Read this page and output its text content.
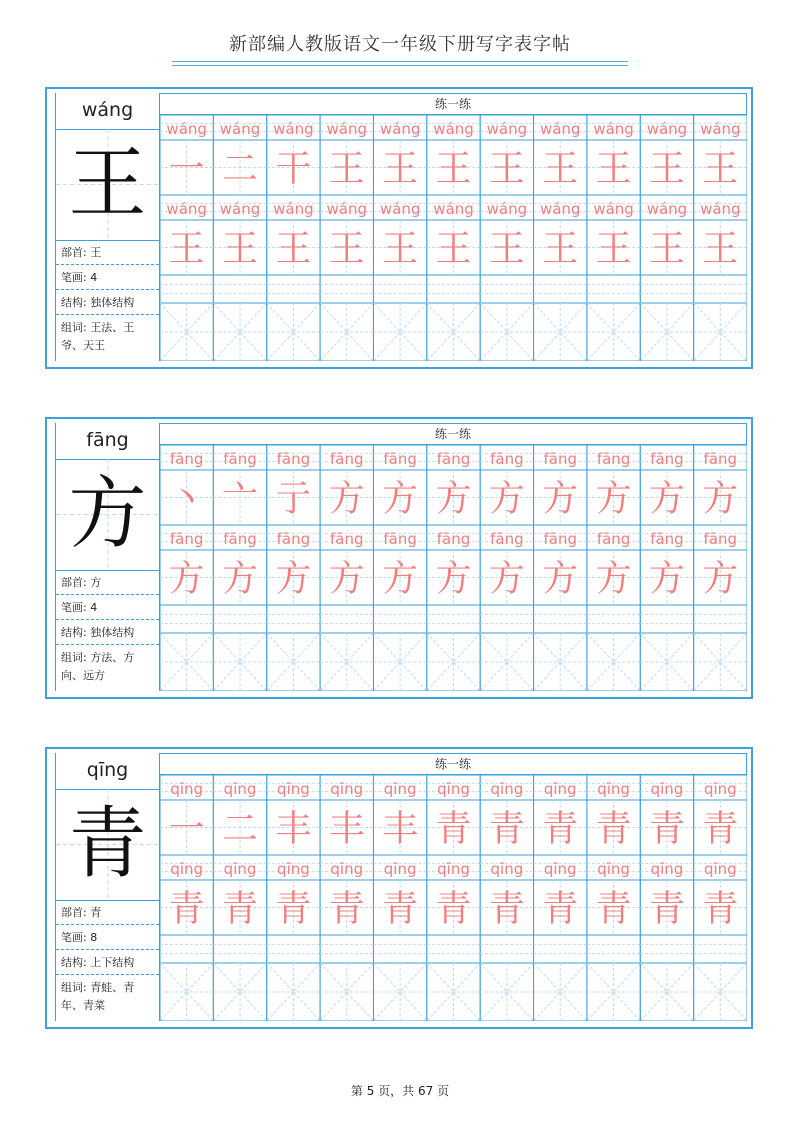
新部编人教版语文一年级下册写字表字帖
wáng
王
部首: 王
笔画: 4
结构: 独体结构
组词: 王法、王
爷、天王
wáng wáng wáng wáng wáng wáng wáng wáng wáng wáng wáng
一 二 干 王 王 王 王 王 王 王 王
wáng wáng wáng wáng wáng wáng wáng wáng wáng wáng wáng
王 王 王 王 王 王 王 王 王 王 王
练一练
fāng
方
部首: 方
笔画: 4
结构: 独体结构
组词: 方法、方
向、远方
fāng fāng fāng fāng fāng fāng fāng fāng fāng fāng fāng
丶 亠 亍 方 方 方 方 方 方 方 方
fāng fāng fāng fāng fāng fāng fāng fāng fāng fāng fāng
方 方 方 方 方 方 方 方 方 方 方
练一练
qīng
青
部首: 青
笔画: 8
结构: 上下结构
组词: 青蛙、青
年、青菜
qīng qīng qīng qīng qīng qīng qīng qīng qīng qīng qīng
一 二 丰 丰 丰 青 青 青 青 青 青
qīng qīng qīng qīng qīng qīng qīng qīng qīng qīng qīng
青 青 青 青 青 青 青 青 青 青 青
练一练
第 5 页，共 67 页
